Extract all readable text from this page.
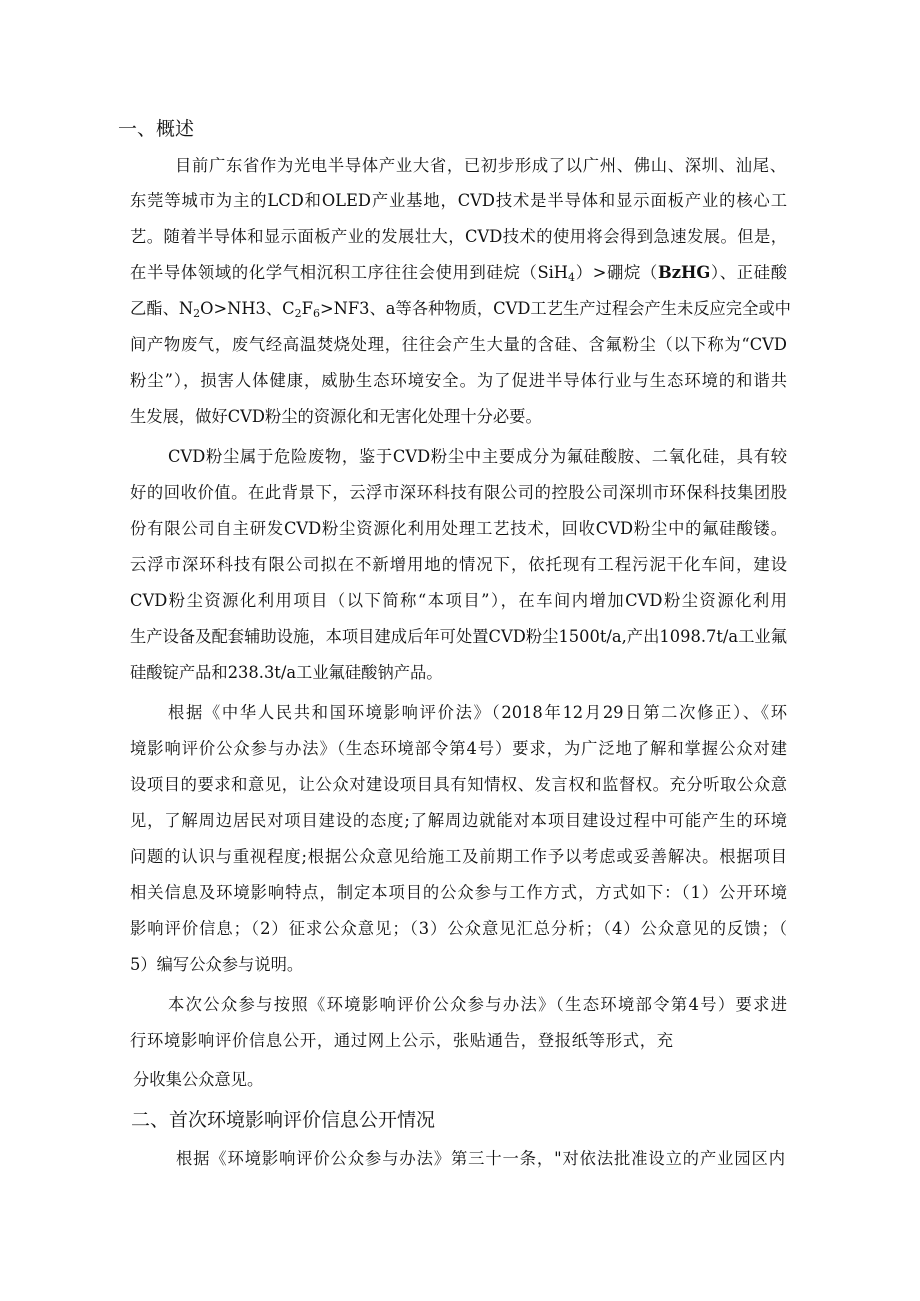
一、概述

目前广东省作为光电半导体产业大省，已初步形成了以广州、佛山、深圳、汕尾、

东莞等城市为主的LCD和OLED产业基地，CVD技术是半导体和显示面板产业的核心工

艺。随着半导体和显示面板产业的发展壮大，CVD技术的使用将会得到急速发展。但是，

在半导体领域的化学气相沉积工序往往会使用到硅烷（SiH$_4$）>硼烷（BzHG）、正硅酸

乙酯、$N_2O>NH3$、$C_2F_6>NF3$、a等各种物质，CVD工艺生产过程会产生未反应完全或中

间产物废气，废气经高温焚烧处理，往往会产生大量的含硅、含氟粉尘（以下称为“CVD

粉尘”），损害人体健康，威胁生态环境安全。为了促进半导体行业与生态环境的和谐共

生发展，做好CVD粉尘的资源化和无害化处理十分必要。

CVD粉尘属于危险废物，鉴于CVD粉尘中主要成分为氟硅酸胺、二氧化硅，具有较

好的回收价值。在此背景下，云浮市深环科技有限公司的控股公司深圳市环保科技集团股

份有限公司自主研发CVD粉尘资源化利用处理工艺技术，回收CVD粉尘中的氟硅酸镂。

云浮市深环科技有限公司拟在不新增用地的情况下，依托现有工程污泥干化车间，建设

CVD粉尘资源化利用项目（以下简称“本项目”），在车间内增加CVD粉尘资源化利用

生产设备及配套辅助设施，本项目建成后年可处置CVD粉尘1500t/a,产出1098.7t/a工业氟

硅酸锭产品和238.3t/a工业氟硅酸钠产品。

根据《中华人民共和国环境影响评价法》（2018年12月29日第二次修正）、《环

境影响评价公众参与办法》（生态环境部令第4号）要求，为广泛地了解和掌握公众对建

设项目的要求和意见，让公众对建设项目具有知情权、发言权和监督权。充分听取公众意

见，了解周边居民对项目建设的态度;了解周边就能对本项目建设过程中可能产生的环境

问题的认识与重视程度;根据公众意见给施工及前期工作予以考虑或妥善解决。根据项目

相关信息及环境影响特点，制定本项目的公众参与工作方式，方式如下：（1）公开环境

影响评价信息；（2）征求公众意见；（3）公众意见汇总分析；（4）公众意见的反馈；（

5）编写公众参与说明。

本次公众参与按照《环境影响评价公众参与办法》（生态环境部令第4号）要求进

行环境影响评价信息公开，通过网上公示，张贴通告，登报纸等形式，充

分收集公众意见。

二、首次环境影响评价信息公开情况

根据《环境影响评价公众参与办法》第三十一条，"对依法批准设立的产业园区内
